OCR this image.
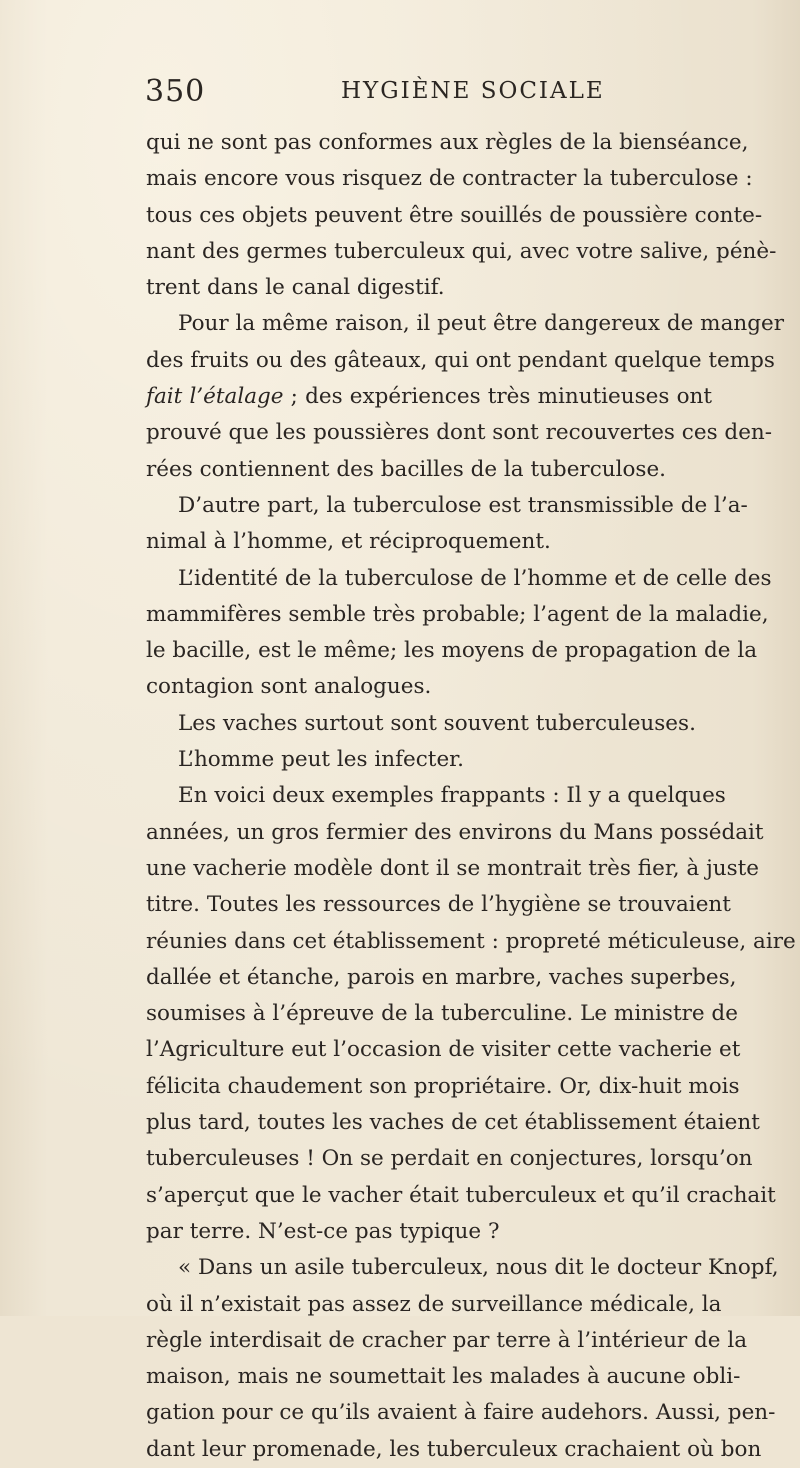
350	HYGIÈNE SOCIALE
qui ne sont pas conformes aux règles de la bienséance,
mais encore vous risquez de contracter la tuberculose :
tous ces objets peuvent être souillés de poussière conte-
nant des germes tuberculeux qui, avec votre salive, pénè-
trent dans le canal digestif.
Pour la même raison, il peut être dangereux de manger
des fruits ou des gâteaux, qui ont pendant quelque temps
fait l’étalage ; des expériences très minutieuses ont
prouvé que les poussières dont sont recouvertes ces den-
rées contiennent des bacilles de la tuberculose.
D’autre part, la tuberculose est transmissible de l’a-
nimal à l’homme, et réciproquement.
L’identité de la tuberculose de l’homme et de celle des
mammifères semble très probable; l’agent de la maladie,
le bacille, est le même; les moyens de propagation de la
contagion sont analogues.
Les vaches surtout sont souvent tuberculeuses.
L’homme peut les infecter.
En voici deux exemples frappants : Il y a quelques
années, un gros fermier des environs du Mans possédait
une vacherie modèle dont il se montrait très fier, à juste
titre. Toutes les ressources de l’hygiène se trouvaient
réunies dans cet établissement : propreté méticuleuse, aire
dallée et étanche, parois en marbre, vaches superbes,
soumises à l’épreuve de la tuberculine. Le ministre de
l’Agriculture eut l’occasion de visiter cette vacherie et
félicita chaudement son propriétaire. Or, dix-huit mois
plus tard, toutes les vaches de cet établissement étaient
tuberculeuses ! On se perdait en conjectures, lorsqu’on
s’aperçut que le vacher était tuberculeux et qu’il crachait
par terre. N’est-ce pas typique ?
« Dans un asile tuberculeux, nous dit le docteur Knopf,
où il n’existait pas assez de surveillance médicale, la
règle interdisait de cracher par terre à l’intérieur de la
maison, mais ne soumettait les malades à aucune obli-
gation pour ce qu’ils avaient à faire audehors. Aussi, pen-
dant leur promenade, les tuberculeux crachaient où bon
